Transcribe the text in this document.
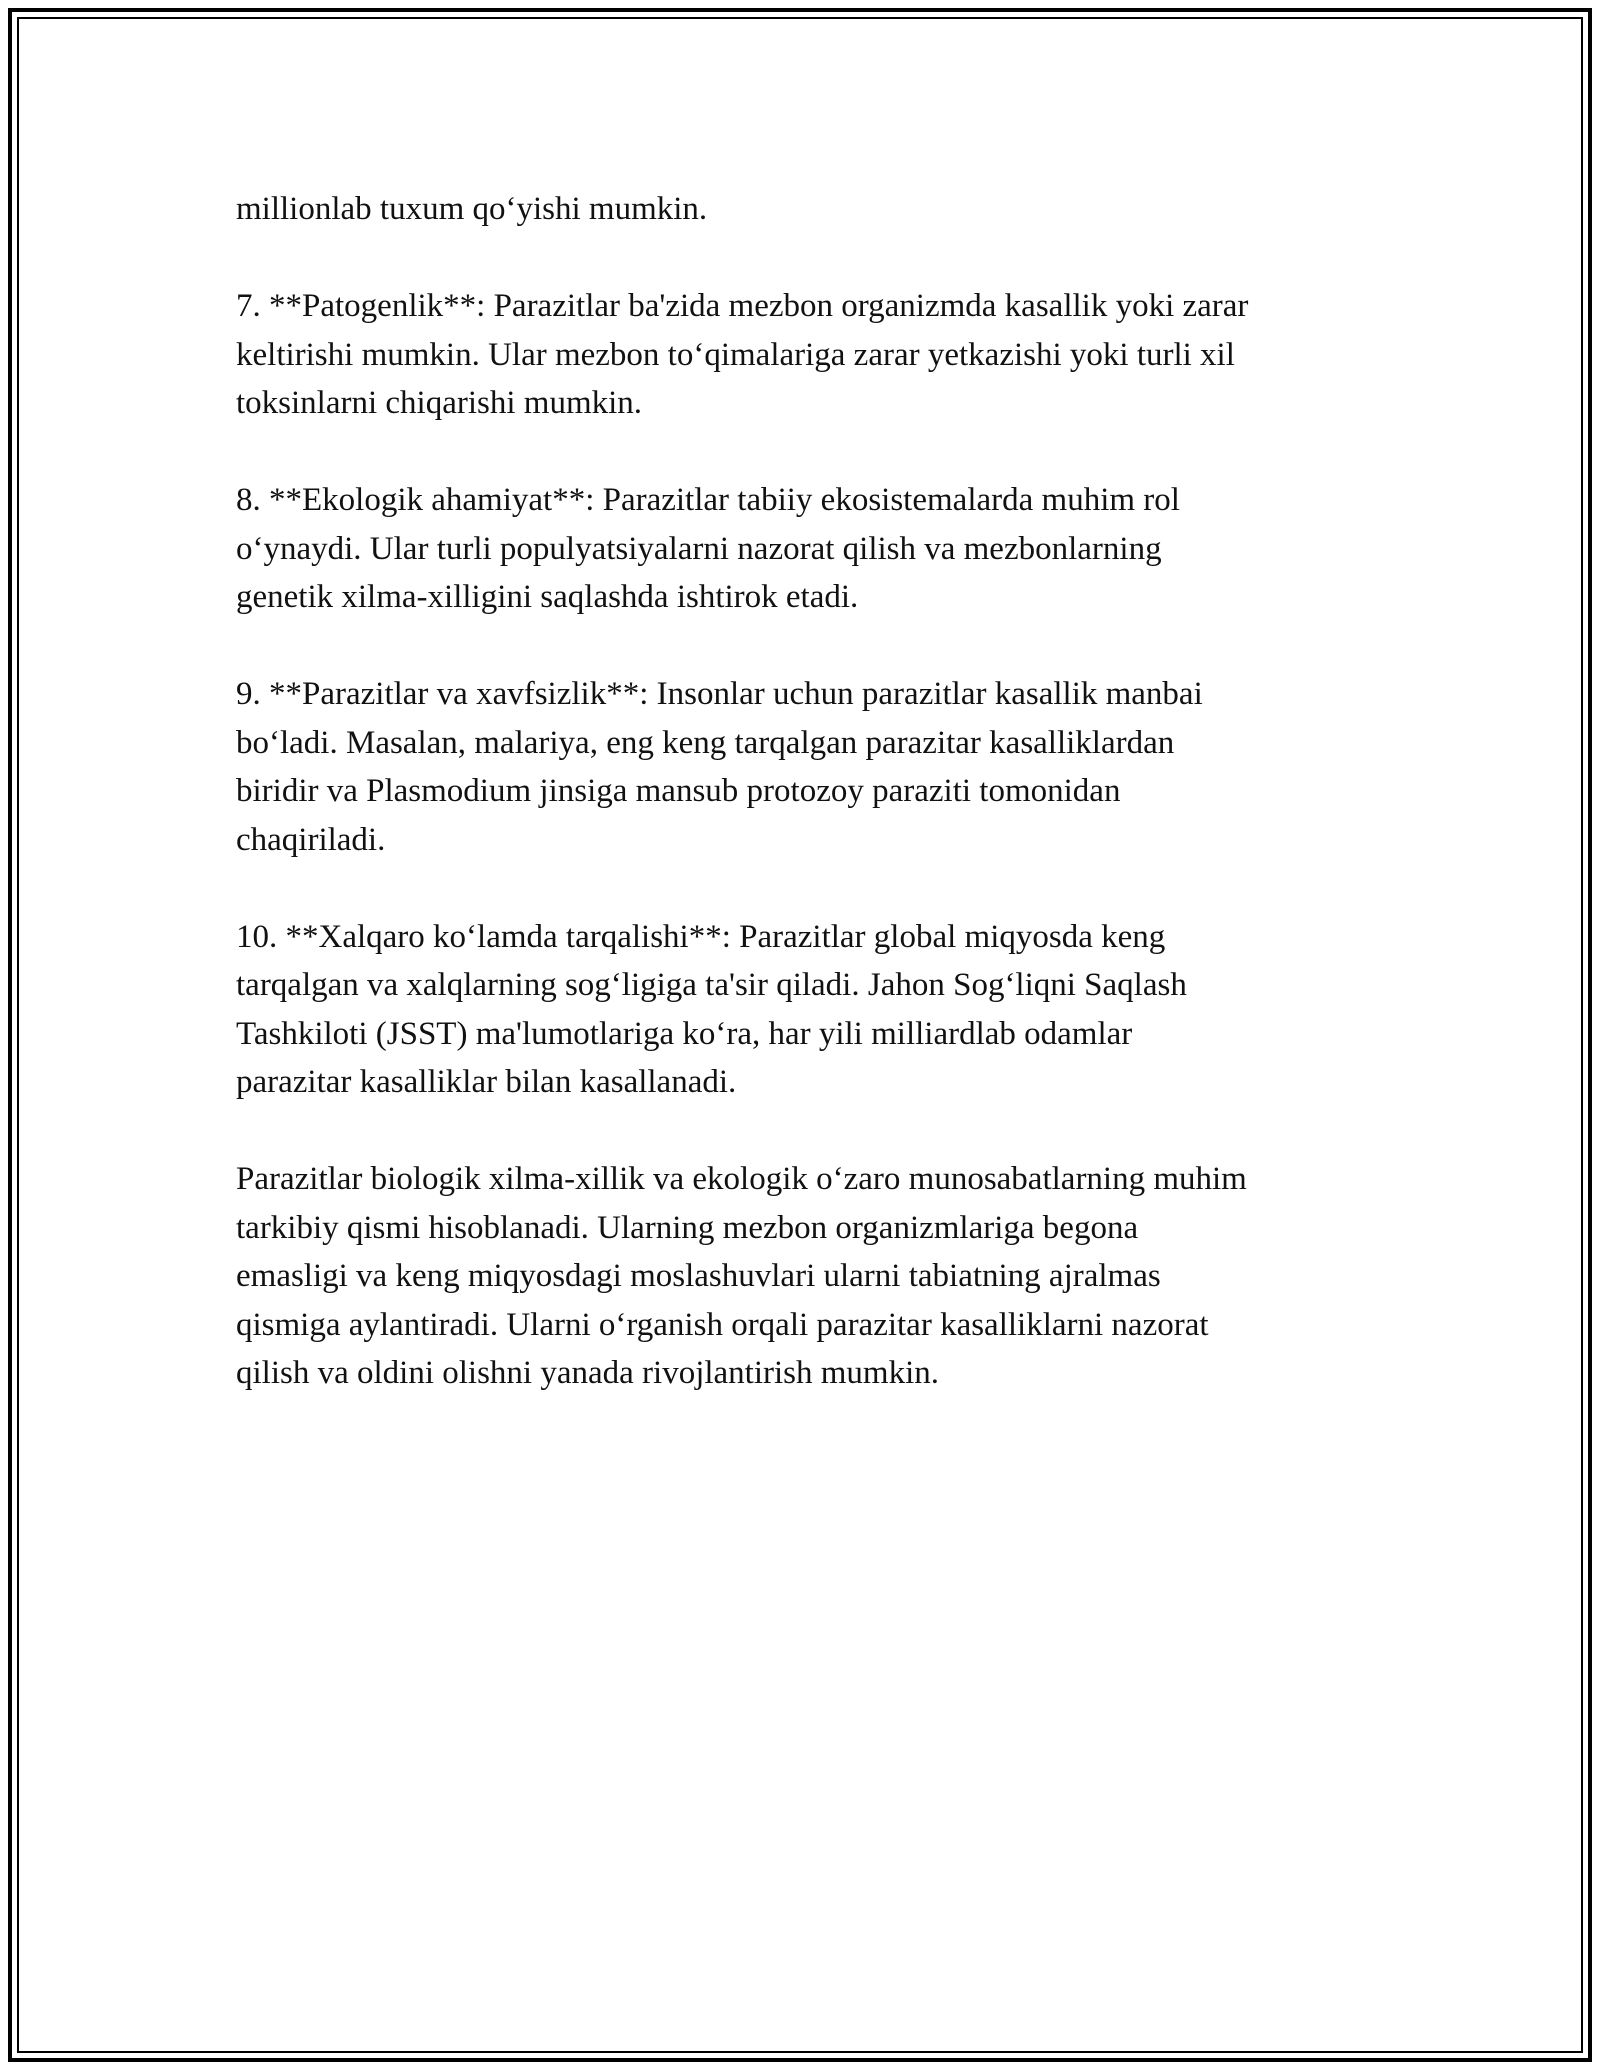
millionlab tuxum qo‘yishi mumkin.

7. **Patogenlik**: Parazitlar ba'zida mezbon organizmda kasallik yoki zarar
keltirishi mumkin. Ular mezbon to‘qimalariga zarar yetkazishi yoki turli xil
toksinlarni chiqarishi mumkin.

8. **Ekologik ahamiyat**: Parazitlar tabiiy ekosistemalarda muhim rol
o‘ynaydi. Ular turli populyatsiyalarni nazorat qilish va mezbonlarning
genetik xilma-xilligini saqlashda ishtirok etadi.

9. **Parazitlar va xavfsizlik**: Insonlar uchun parazitlar kasallik manbai
bo‘ladi. Masalan, malariya, eng keng tarqalgan parazitar kasalliklardan
biridir va Plasmodium jinsiga mansub protozoy paraziti tomonidan
chaqiriladi.

10. **Xalqaro ko‘lamda tarqalishi**: Parazitlar global miqyosda keng
tarqalgan va xalqlarning sog‘ligiga ta'sir qiladi. Jahon Sog‘liqni Saqlash
Tashkiloti (JSST) ma'lumotlariga ko‘ra, har yili milliardlab odamlar
parazitar kasalliklar bilan kasallanadi.

Parazitlar biologik xilma-xillik va ekologik o‘zaro munosabatlarning muhim
tarkibiy qismi hisoblanadi. Ularning mezbon organizmlariga begona
emasligi va keng miqyosdagi moslashuvlari ularni tabiatning ajralmas
qismiga aylantiradi. Ularni o‘rganish orqali parazitar kasalliklarni nazorat
qilish va oldini olishni yanada rivojlantirish mumkin.
